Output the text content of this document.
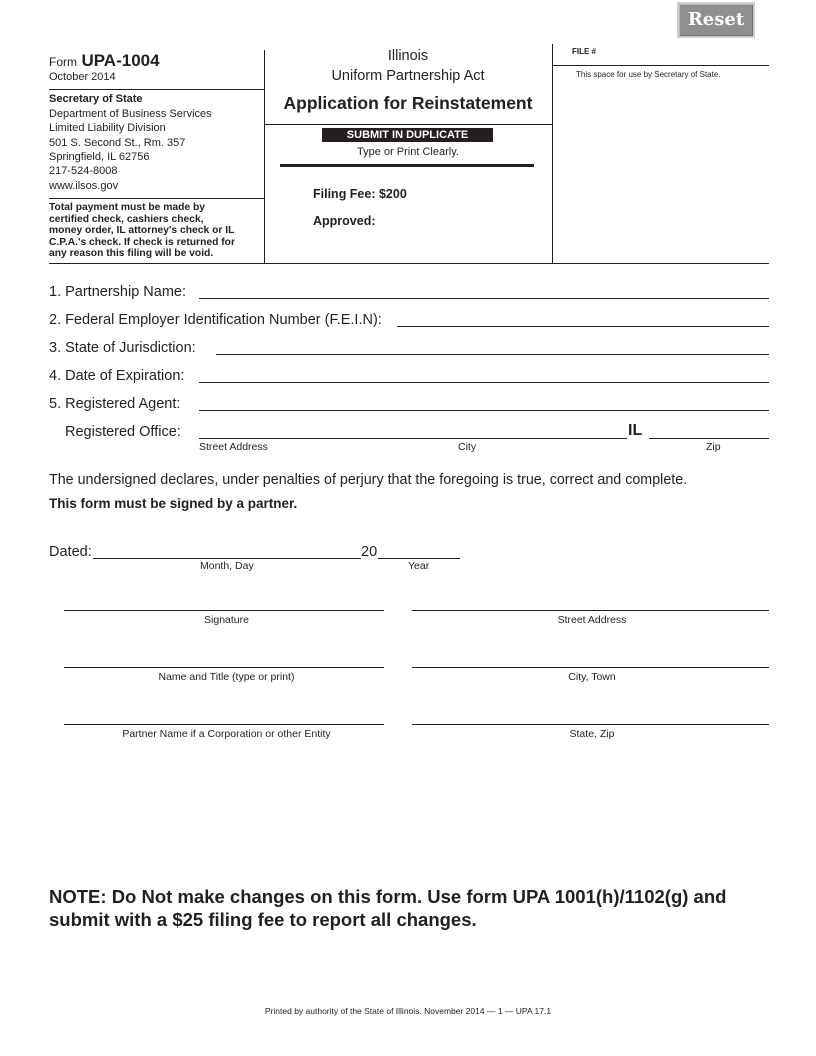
Reset
Form UPA-1004
October 2014
Secretary of State
Department of Business Services
Limited Liability Division
501 S. Second St., Rm. 357
Springfield, IL 62756
217-524-8008
www.ilsos.gov
Total payment must be made by
certified check, cashiers check,
money order, IL attorney's check or IL
C.P.A.'s check. If check is returned for
any reason this filing will be void.
Illinois
Uniform Partnership Act
Application for Reinstatement
SUBMIT IN DUPLICATE
Type or Print Clearly.
Filing Fee: $200
Approved:
FILE #
This space for use by Secretary of State.
1. Partnership Name:
2. Federal Employer Identification Number (F.E.I.N):
3. State of Jurisdiction:
4. Date of Expiration:
5. Registered Agent:
Registered Office:	IL
Street Address	City	Zip
The undersigned declares, under penalties of perjury that the foregoing is true, correct and complete.
This form must be signed by a partner.
Dated:	20
Month, Day	Year
Signature	Street Address
Name and Title (type or print)	City, Town
Partner Name if a Corporation or other Entity	State, Zip
NOTE: Do Not make changes on this form. Use form UPA 1001(h)/1102(g) and
submit with a $25 filing fee to report all changes.
Printed by authority of the State of Illinois. November 2014 — 1 — UPA 17.1
